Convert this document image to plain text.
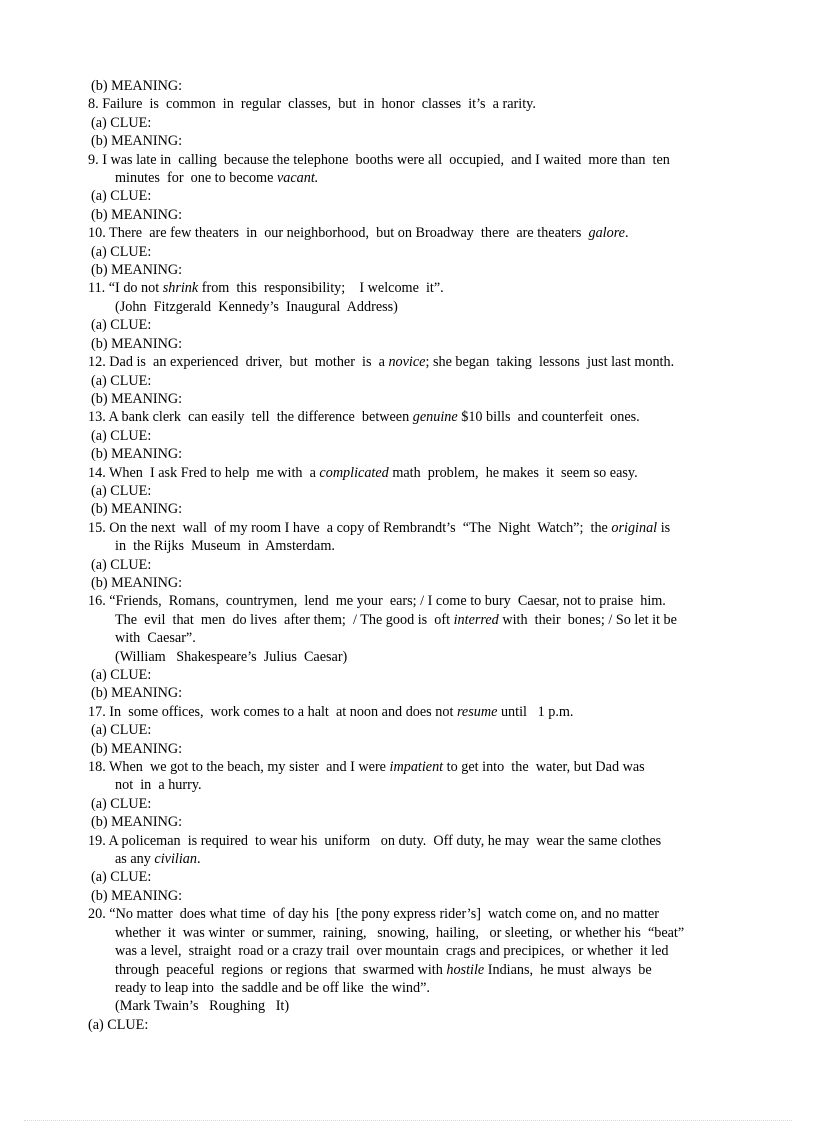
(b) MEANING:
8. Failure  is  common  in  regular  classes,  but  in  honor  classes  it’s  a rarity.
(a) CLUE:
(b) MEANING:
9. I was late in  calling  because the telephone  booths were all  occupied,  and I waited  more than  ten
minutes  for  one to become vacant.
(a) CLUE:
(b) MEANING:
10. There  are few theaters  in  our neighborhood,  but on Broadway  there  are theaters  galore.
(a) CLUE:
(b) MEANING:
11. “I do not shrink from  this  responsibility;    I welcome  it”.
(John  Fitzgerald  Kennedy’s  Inaugural  Address)
(a) CLUE:
(b) MEANING:
12. Dad is  an experienced  driver,  but  mother  is  a novice; she began  taking  lessons  just last month.
(a) CLUE:
(b) MEANING:
13. A bank clerk  can easily  tell  the difference  between genuine $10 bills  and counterfeit  ones.
(a) CLUE:
(b) MEANING:
14. When  I ask Fred to help  me with  a complicated math  problem,  he makes  it  seem so easy.
(a) CLUE:
(b) MEANING:
15. On the next  wall  of my room I have  a copy of Rembrandt’s  “The  Night  Watch”;  the original is
in  the Rijks  Museum  in  Amsterdam.
(a) CLUE:
(b) MEANING:
16. “Friends,  Romans,  countrymen,  lend  me your  ears; / I come to bury  Caesar, not to praise  him.
The  evil  that  men  do lives  after them;  / The good is  oft interred with  their  bones; / So let it be
with  Caesar”.
(William   Shakespeare’s  Julius  Caesar)
(a) CLUE:
(b) MEANING:
17. In  some offices,  work comes to a halt  at noon and does not resume until   1 p.m.
(a) CLUE:
(b) MEANING:
18. When  we got to the beach, my sister  and I were impatient to get into  the  water, but Dad was
not  in  a hurry.
(a) CLUE:
(b) MEANING:
19. A policeman  is required  to wear his  uniform   on duty.  Off duty, he may  wear the same clothes
as any civilian.
(a) CLUE:
(b) MEANING:
20. “No matter  does what time  of day his  [the pony express rider’s]  watch come on, and no matter
whether  it  was winter  or summer,  raining,   snowing,  hailing,   or sleeting,  or whether his  “beat”
was a level,  straight  road or a crazy trail  over mountain  crags and precipices,  or whether  it led
through  peaceful  regions  or regions  that  swarmed with hostile Indians,  he must  always  be
ready to leap into  the saddle and be off like  the wind”.
(Mark Twain’s   Roughing   It)
(a) CLUE:
